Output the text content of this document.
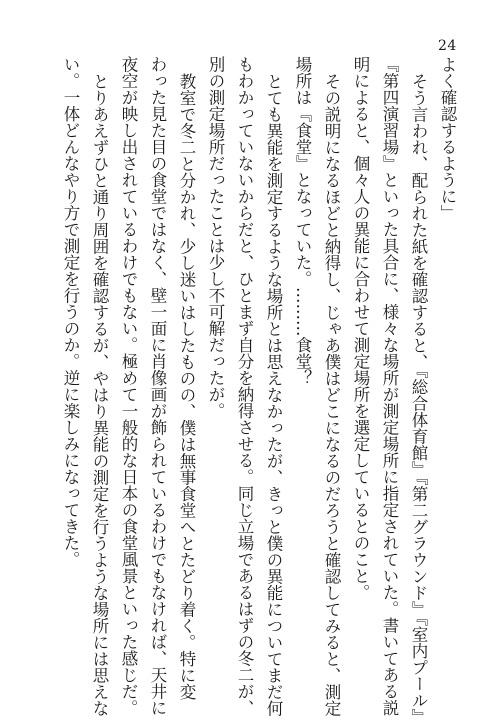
24
よく確認するように」
そう言われ、配られた紙を確認すると、『総合体育館』『第二グラウンド』『室内プール』
『第四演習場』といった具合に、様々な場所が測定場所に指定されていた。書いてある説
明によると、個々人の異能に合わせて測定場所を選定しているとのこと。
その説明になるほどと納得し、じゃあ僕はどこになるのだろうと確認してみると、測定
場所は『食堂』となっていた。………食堂？
とても異能を測定するような場所とは思えなかったが、きっと僕の異能についてまだ何
もわかっていないからだと、ひとまず自分を納得させる。同じ立場であるはずの冬二が、
別の測定場所だったことは少し不可解だったが。
教室で冬二と分かれ、少し迷いはしたものの、僕は無事食堂へとたどり着く。特に変
わった見た目の食堂ではなく、壁一面に肖像画が飾られているわけでもなければ、天井に
夜空が映し出されているわけでもない。極めて一般的な日本の食堂風景といった感じだ。
とりあえずひと通り周囲を確認するが、やはり異能の測定を行うような場所には思えな
い。一体どんなやり方で測定を行うのか。逆に楽しみになってきた。
